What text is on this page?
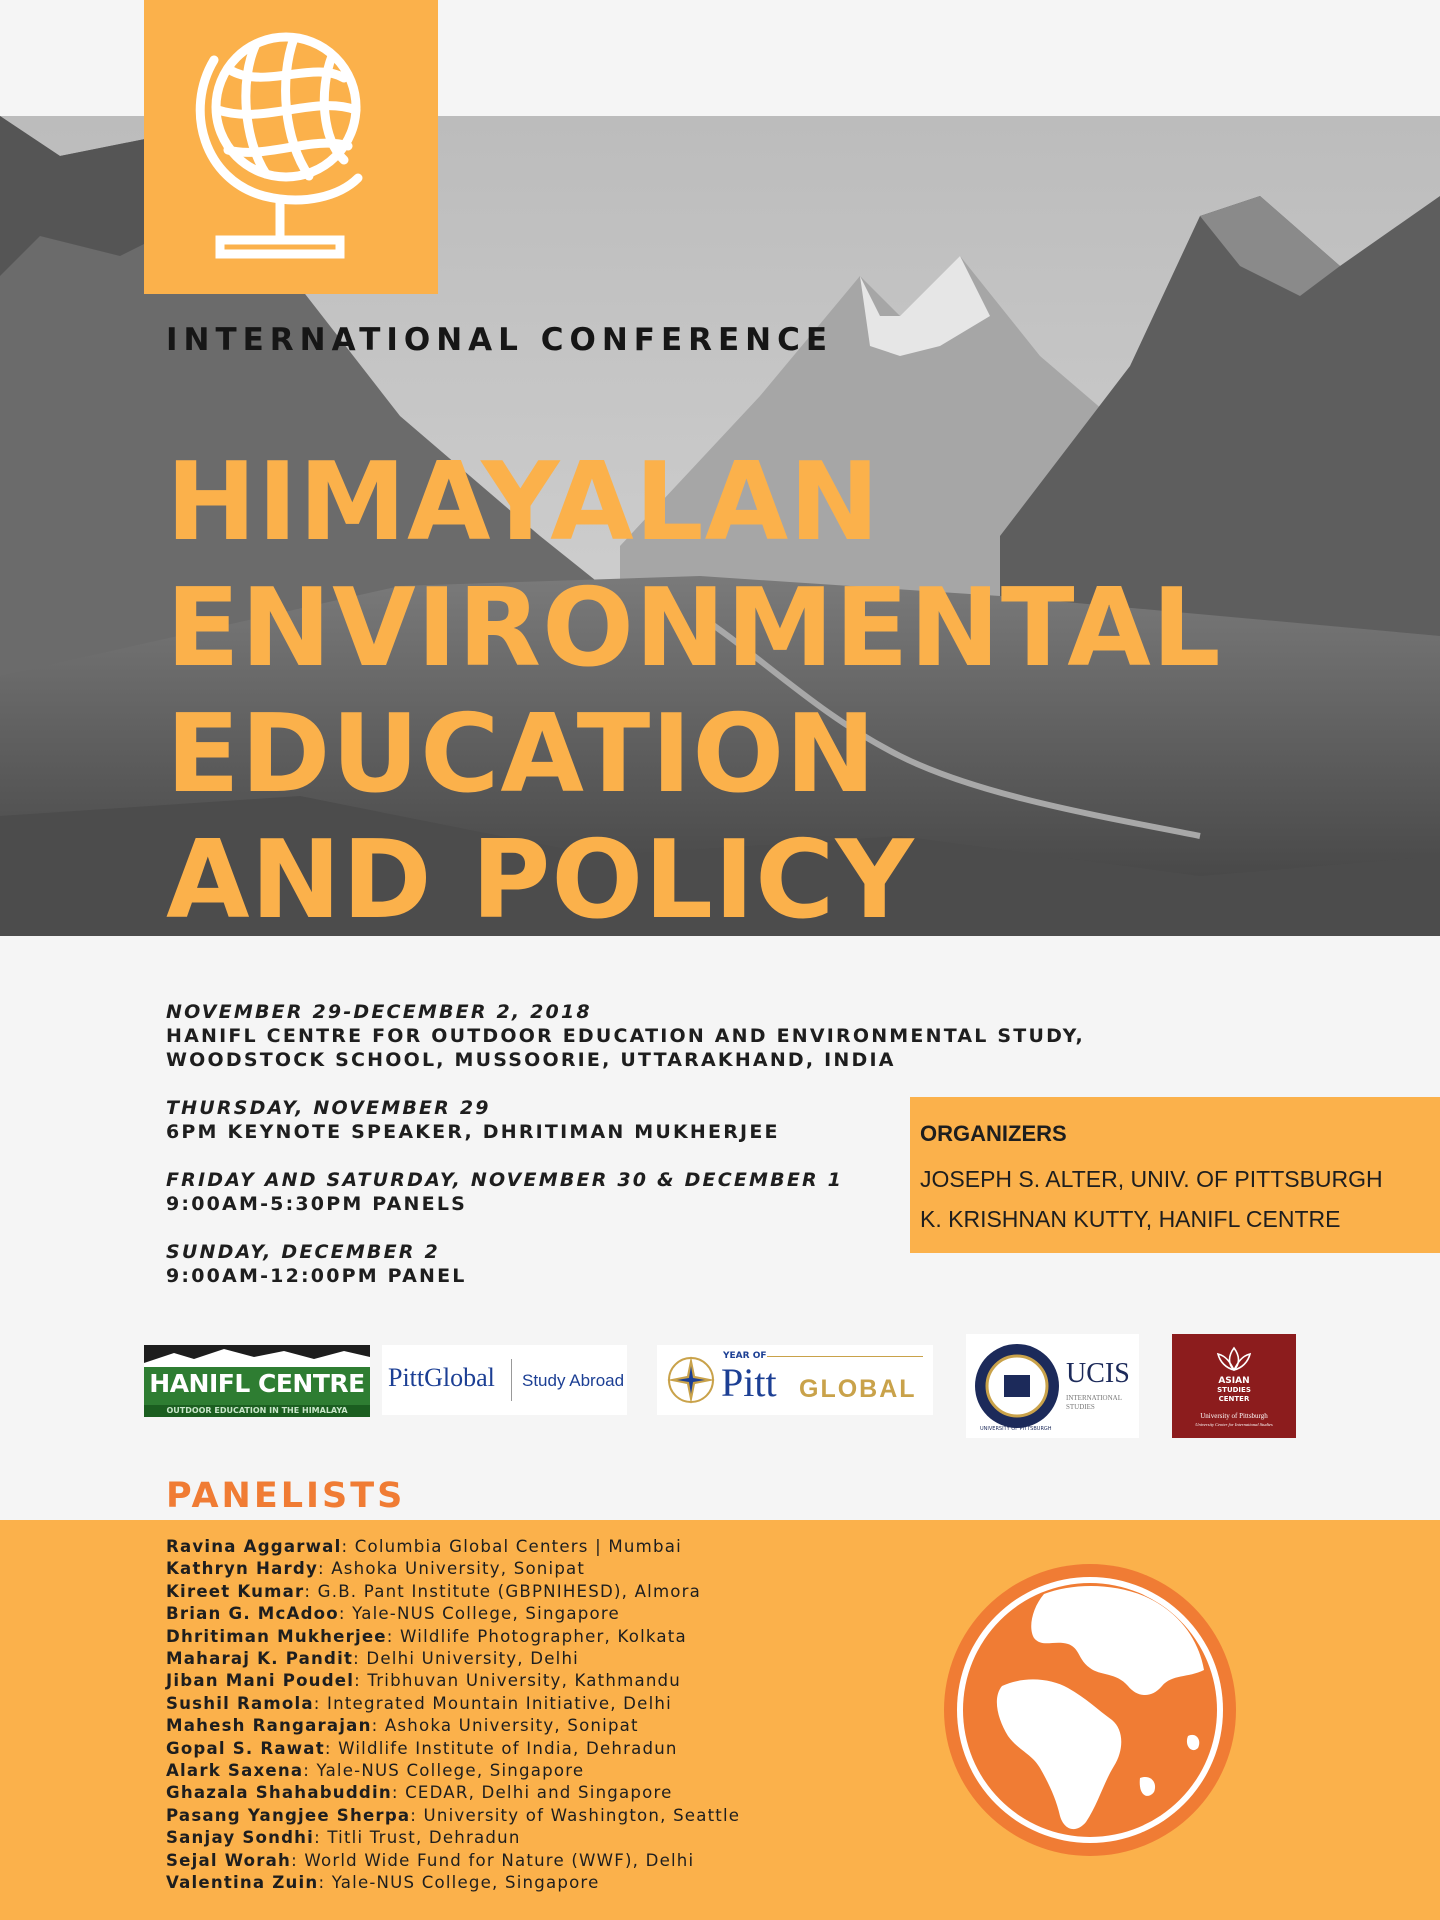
INTERNATIONAL CONFERENCE
HIMAYALAN
ENVIRONMENTAL
EDUCATION
AND POLICY
NOVEMBER 29-DECEMBER 2, 2018
HANIFL CENTRE FOR OUTDOOR EDUCATION AND ENVIRONMENTAL STUDY,
WOODSTOCK SCHOOL, MUSSOORIE, UTTARAKHAND, INDIA
THURSDAY, NOVEMBER 29
6PM KEYNOTE SPEAKER, DHRITIMAN MUKHERJEE
FRIDAY AND SATURDAY, NOVEMBER 30 & DECEMBER 1
9:00AM-5:30PM PANELS
SUNDAY, DECEMBER 2
9:00AM-12:00PM PANEL
ORGANIZERS
JOSEPH S. ALTER, UNIV. OF PITTSBURGH
K. KRISHNAN KUTTY, HANIFL CENTRE
HANIFL CENTRE
OUTDOOR EDUCATION IN THE HIMALAYA
PittGlobal Study Abroad
YEAR OF
Pitt GLOBAL
UNIVERSITY OF PITTSBURGH
UCIS
INTERNATIONAL
STUDIES
ASIAN
STUDIES
CENTER
University of Pittsburgh
University Center for International Studies
PANELISTS
Ravina Aggarwal: Columbia Global Centers | Mumbai
Kathryn Hardy: Ashoka University, Sonipat
Kireet Kumar: G.B. Pant Institute (GBPNIHESD), Almora
Brian G. McAdoo: Yale-NUS College, Singapore
Dhritiman Mukherjee: Wildlife Photographer, Kolkata
Maharaj K. Pandit: Delhi University, Delhi
Jiban Mani Poudel: Tribhuvan University, Kathmandu
Sushil Ramola: Integrated Mountain Initiative, Delhi
Mahesh Rangarajan: Ashoka University, Sonipat
Gopal S. Rawat: Wildlife Institute of India, Dehradun
Alark Saxena: Yale-NUS College, Singapore
Ghazala Shahabuddin: CEDAR, Delhi and Singapore
Pasang Yangjee Sherpa: University of Washington, Seattle
Sanjay Sondhi: Titli Trust, Dehradun
Sejal Worah: World Wide Fund for Nature (WWF), Delhi
Valentina Zuin: Yale-NUS College, Singapore
